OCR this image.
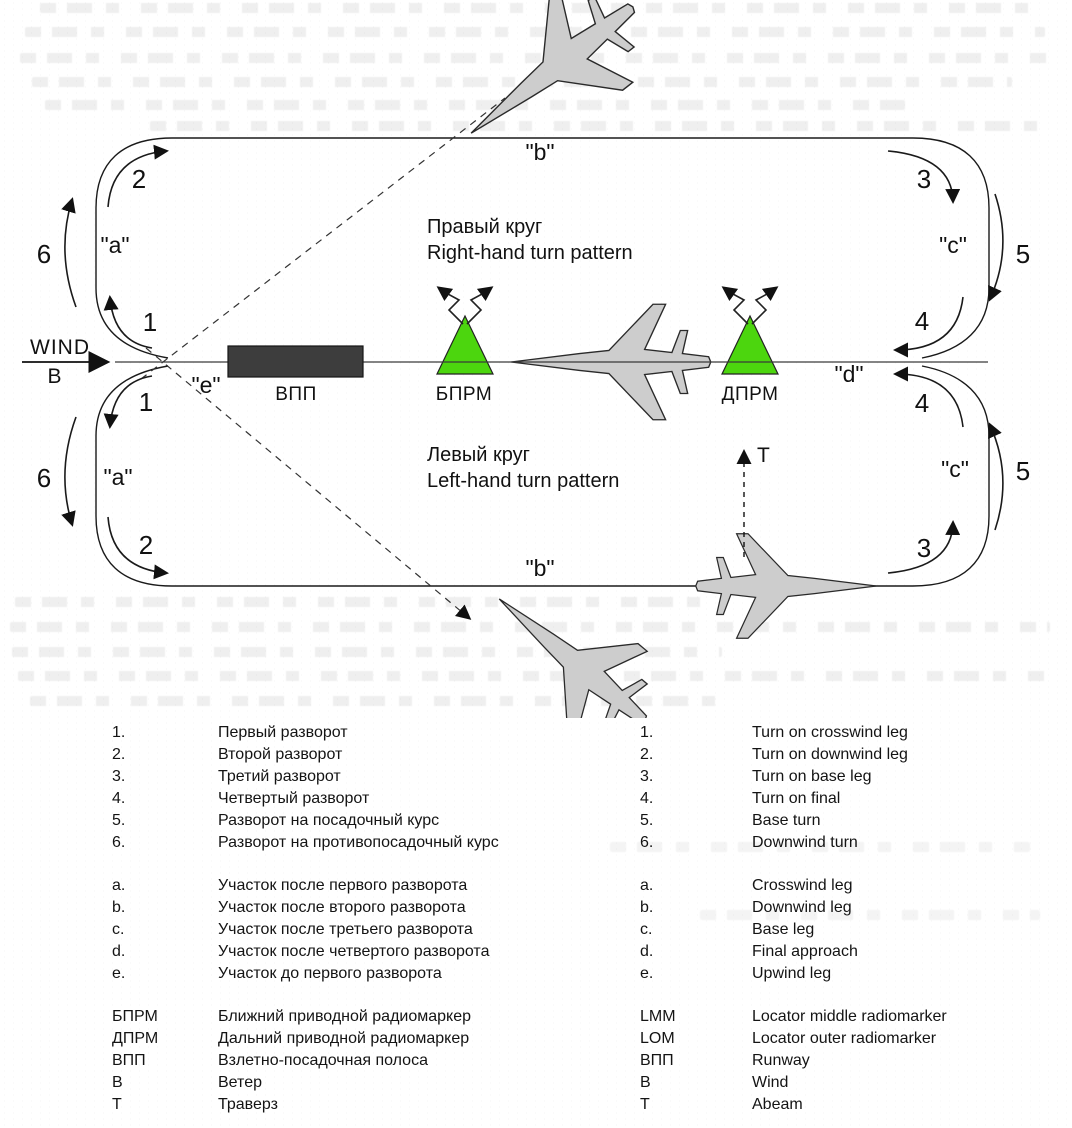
2	3
6	5
1	4
"a"
"b"
"c"
1	4
6	5
"a"	"c"
2	3
"b"
"e"	"d"
Т
ВПП	БПРМ	ДПРМ
WIND
В
Правый круг
Right-hand turn pattern
Левый круг
Left-hand turn pattern
1.	Первый разворот	1.	Turn on crosswind leg
2.	Второй разворот	2.	Turn on downwind leg
3.	Третий разворот	3.	Turn on base leg
4.	Четвертый разворот	4.	Turn on final
5.	Разворот на посадочный курс	5.	Base turn
6.	Разворот на противопосадочный курс	6.	Downwind turn
a.	Участок после первого разворота	a.	Crosswind leg
b.	Участок после второго разворота	b.	Downwind leg
c.	Участок после третьего разворота	c.	Base leg
d.	Участок после четвертого разворота	d.	Final approach
e.	Участок до первого разворота	e.	Upwind leg
БПРМ	Ближний приводной радиомаркер	LMM	Locator middle radiomarker
ДПРМ	Дальний приводной радиомаркер	LOM	Locator outer radiomarker
ВПП	Взлетно-посадочная полоса	ВПП	Runway
В	Ветер	B	Wind
Т	Траверз	T	Abeam
